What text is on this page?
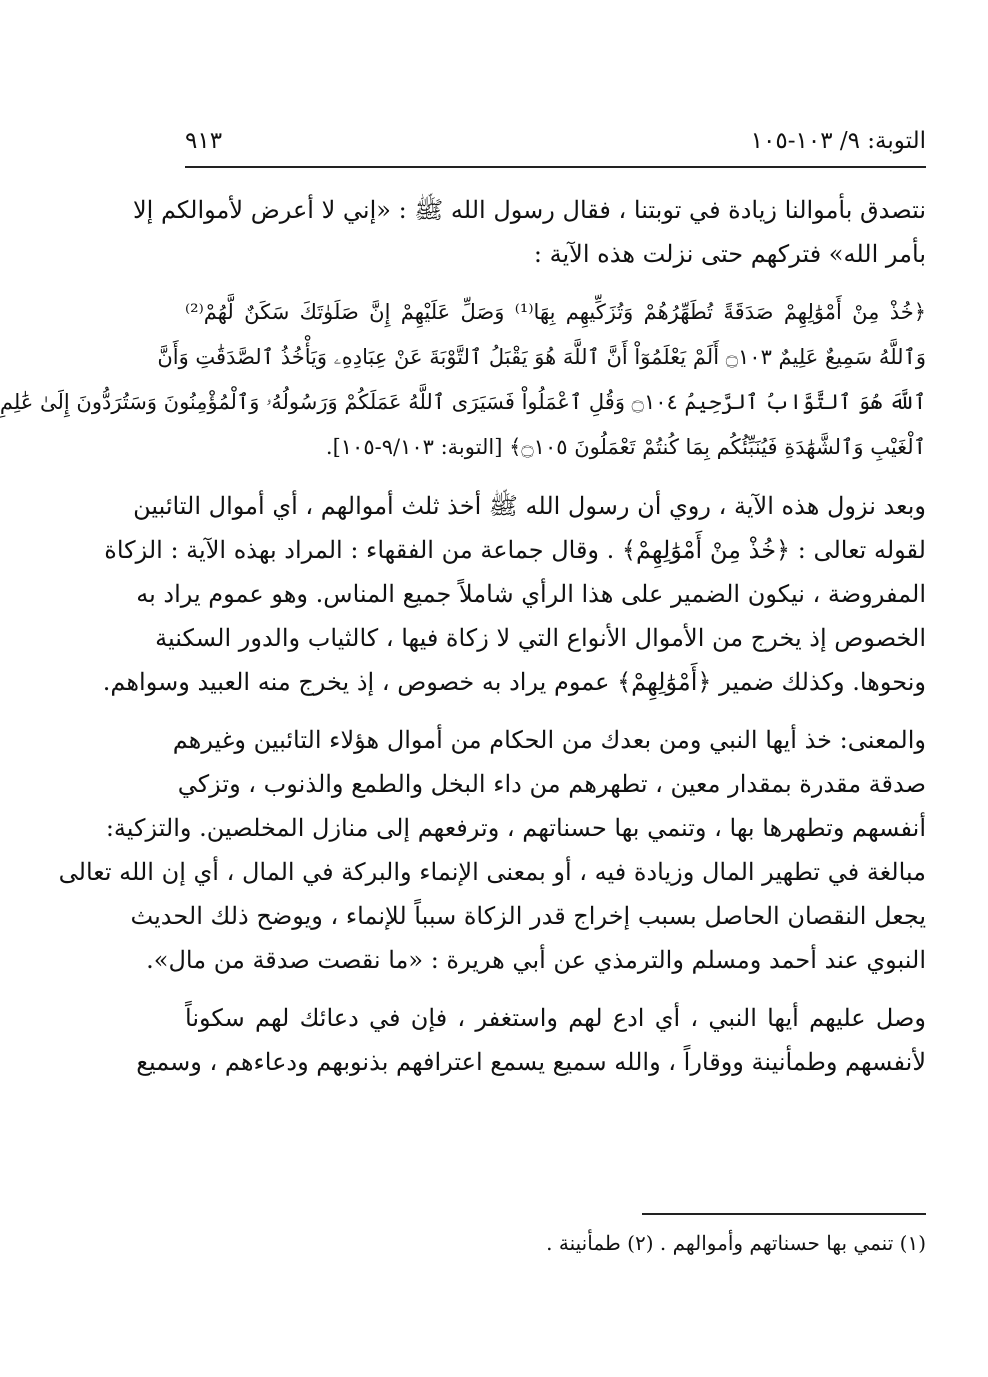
التوبة: ٩/ ١٠٣-١٠٥
٩١٣
نتصدق بأموالنا زيادة في توبتنا ، فقال رسول الله ﷺ : «إني لا أعرض لأموالكم إلا
بأمر الله» فتركهم حتى نزلت هذه الآية :
﴿خُذْ مِنْ أَمْوَٰلِهِمْ صَدَقَةً تُطَهِّرُهُمْ وَتُزَكِّيهِم بِهَا⁽¹⁾ وَصَلِّ عَلَيْهِمْ إِنَّ صَلَوٰتَكَ سَكَنٌ لَّهُمْ⁽²⁾
وَٱللَّهُ سَمِيعٌ عَلِيمٌ ۝١٠٣ أَلَمْ يَعْلَمُوٓاْ أَنَّ ٱللَّهَ هُوَ يَقْبَلُ ٱلتَّوْبَةَ عَنْ عِبَادِهِۦ وَيَأْخُذُ ٱلصَّدَقَٰتِ وَأَنَّ
ٱللَّهَ هُوَ ٱلتَّوَّابُ ٱلرَّحِيمُ ۝١٠٤ وَقُلِ ٱعْمَلُواْ فَسَيَرَى ٱللَّهُ عَمَلَكُمْ وَرَسُولُهُۥ وَٱلْمُؤْمِنُونَ وَسَتُرَدُّونَ إِلَىٰ عَٰلِمِ
ٱلْغَيْبِ وَٱلشَّهَٰدَةِ فَيُنَبِّئُكُم بِمَا كُنتُمْ تَعْمَلُونَ ۝١٠٥﴾ [التوبة: ٩/١٠٣-١٠٥].
وبعد نزول هذه الآية ، روي أن رسول الله ﷺ أخذ ثلث أموالهم ، أي أموال التائبين
لقوله تعالى : ﴿خُذْ مِنْ أَمْوَٰلِهِمْ﴾ . وقال جماعة من الفقهاء : المراد بهذه الآية : الزكاة
المفروضة ، نيكون الضمير على هذا الرأي شاملاً جميع المناس. وهو عموم يراد به
الخصوص إذ يخرج من الأموال الأنواع التي لا زكاة فيها ، كالثياب والدور السكنية
ونحوها. وكذلك ضمير ﴿أَمْوَٰلِهِمْ﴾ عموم يراد به خصوص ، إذ يخرج منه العبيد وسواهم.
والمعنى: خذ أيها النبي ومن بعدك من الحكام من أموال هؤلاء التائبين وغيرهم
صدقة مقدرة بمقدار معين ، تطهرهم من داء البخل والطمع والذنوب ، وتزكي
أنفسهم وتطهرها بها ، وتنمي بها حسناتهم ، وترفعهم إلى منازل المخلصين. والتزكية:
مبالغة في تطهير المال وزيادة فيه ، أو بمعنى الإنماء والبركة في المال ، أي إن الله تعالى
يجعل النقصان الحاصل بسبب إخراج قدر الزكاة سبباً للإنماء ، ويوضح ذلك الحديث
النبوي عند أحمد ومسلم والترمذي عن أبي هريرة : «ما نقصت صدقة من مال».
وصل عليهم أيها النبي ، أي ادع لهم واستغفر ، فإن في دعائك لهم سكوناً
لأنفسهم وطمأنينة ووقاراً ، والله سميع يسمع اعترافهم بذنوبهم ودعاءهم ، وسميع
(١) تنمي بها حسناتهم وأموالهم . (٢) طمأنينة .
